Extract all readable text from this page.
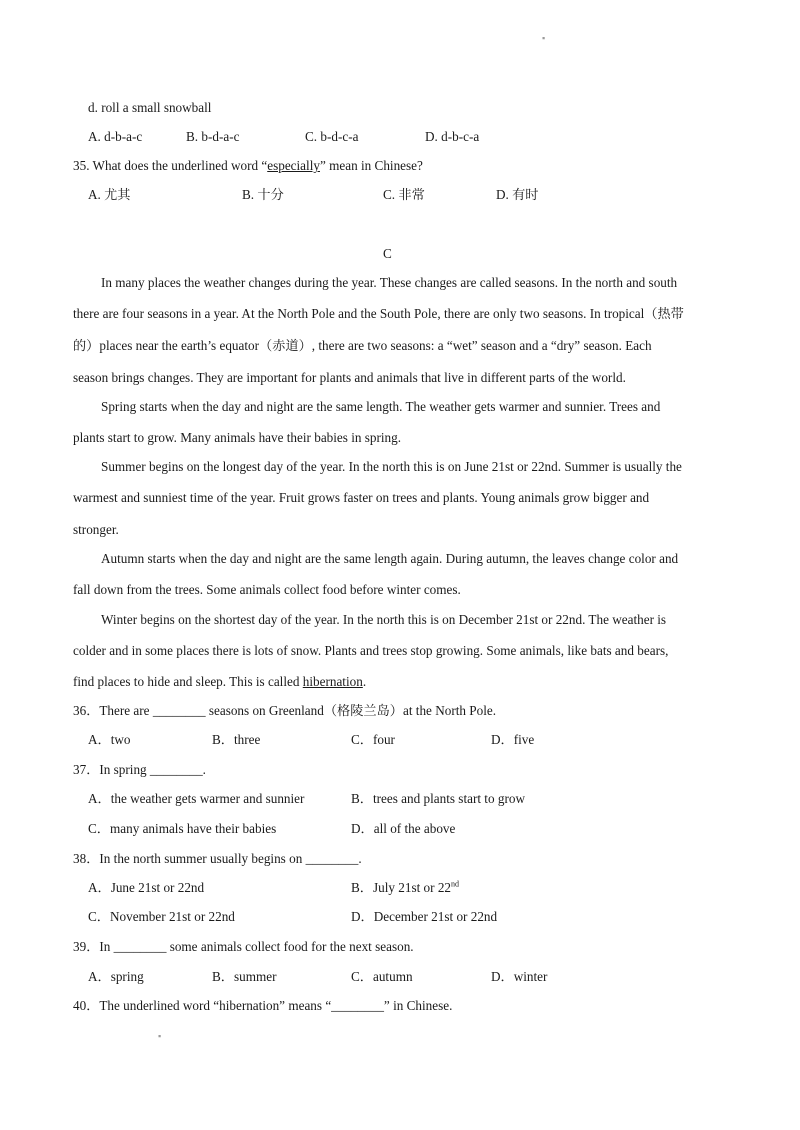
▪
d. roll a small snowball
A. d-b-a-c	B. b-d-a-c	C. b-d-c-a	D. d-b-c-a
35. What does the underlined word “especially” mean in Chinese?
A. 尤其	B. 十分	C. 非常	D. 有时
C
In many places the weather changes during the year. These changes are called seasons. In the north and south
there are four seasons in a year. At the North Pole and the South Pole, there are only two seasons. In tropical（热带
的）places near the earth’s equator（赤道）, there are two seasons: a “wet” season and a “dry” season. Each
season brings changes. They are important for plants and animals that live in different parts of the world.
Spring starts when the day and night are the same length. The weather gets warmer and sunnier. Trees and
plants start to grow. Many animals have their babies in spring.
Summer begins on the longest day of the year. In the north this is on June 21st or 22nd. Summer is usually the
warmest and sunniest time of the year. Fruit grows faster on trees and plants. Young animals grow bigger and
stronger.
Autumn starts when the day and night are the same length again. During autumn, the leaves change color and
fall down from the trees. Some animals collect food before winter comes.
Winter begins on the shortest day of the year. In the north this is on December 21st or 22nd. The weather is
colder and in some places there is lots of snow. Plants and trees stop growing. Some animals, like bats and bears,
find places to hide and sleep. This is called hibernation.
36．There are ________ seasons on Greenland（格陵兰岛）at the North Pole.
A．two	B．three	C．four	D．five
37．In spring ________.
A．the weather gets warmer and sunnier	B．trees and plants start to grow
C．many animals have their babies	D．all of the above
38．In the north summer usually begins on ________.
A．June 21st or 22nd	B．July 21st or 22nd
C．November 21st or 22nd	D．December 21st or 22nd
39．In ________ some animals collect food for the next season.
A．spring	B．summer	C．autumn	D．winter
40．The underlined word “hibernation” means “________” in Chinese.
▪
